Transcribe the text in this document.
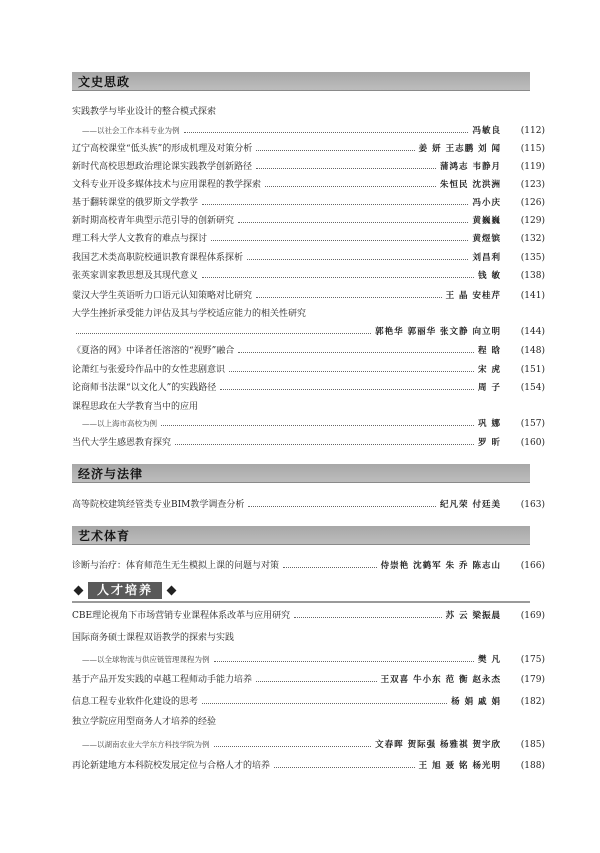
文史思政
实践教学与毕业设计的整合模式探索
——以社会工作本科专业为例	冯敏良	(112)
辽宁高校课堂“低头族”的形成机理及对策分析	姜 妍 王志鹏 刘 闻	(115)
新时代高校思想政治理论课实践教学创新路径	蒲鸿志 韦静月	(119)
文科专业开设多媒体技术与应用课程的教学探索	朱恒民 沈洪洲	(123)
基于翻转课堂的俄罗斯文学教学	冯小庆	(126)
新时期高校青年典型示范引导的创新研究	黄巍巍	(129)
理工科大学人文教育的难点与探讨	黄煜镔	(132)
我国艺术类高职院校通识教育课程体系探析	刘昌利	(135)
张英家训家教思想及其现代意义	钱 敏	(138)
蒙汉大学生英语听力口语元认知策略对比研究	王 晶 安桂芹	(141)
大学生挫折承受能力评估及其与学校适应能力的相关性研究
郭艳华 郭丽华 张文静 向立明	(144)
《夏洛的网》中译者任溶溶的“视野”融合	程 晗	(148)
论萧红与张爱玲作品中的女性悲剧意识	宋 虎	(151)
论商师书法课“以文化人”的实践路径	周 子	(154)
课程思政在大学教育当中的应用
——以上海市高校为例	巩 娜	(157)
当代大学生感恩教育探究	罗 昕	(160)
经济与法律
高等院校建筑经管类专业BIM教学调查分析	纪凡荣 付廷美	(163)
艺术体育
诊断与治疗：体育师范生无生模拟上课的问题与对策	侍崇艳 沈鹤军 朱 乔 陈志山	(166)
人才培养
CBE理论视角下市场营销专业课程体系改革与应用研究	苏 云 梁振晨	(169)
国际商务硕士课程双语教学的探索与实践
——以全球物流与供应链管理课程为例	樊 凡	(175)
基于产品开发实践的卓越工程师动手能力培养	王双喜 牛小东 范 衡 赵永杰	(179)
信息工程专业软件化建设的思考	杨 娟 戚 娟	(182)
独立学院应用型商务人才培养的经验
——以湖南农业大学东方科技学院为例	文春晖 贺际强 杨雅祺 贺宇欣	(185)
再论新建地方本科院校发展定位与合格人才的培养	王 旭 聂 铭 杨光明	(188)
